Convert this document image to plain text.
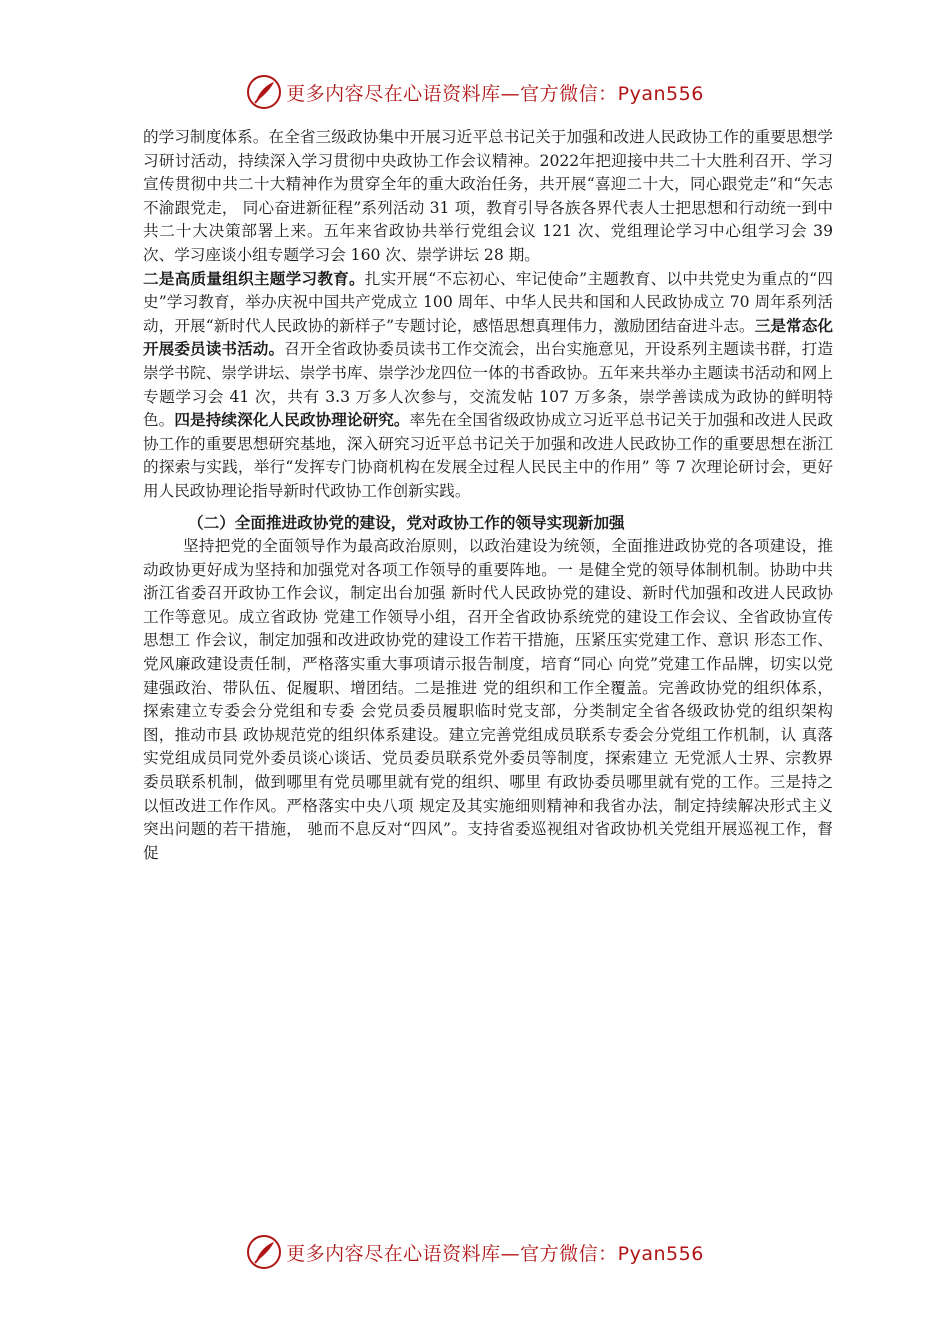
更多内容尽在心语资料库—官方微信：Pyan556

的学习制度体系。在全省三级政协集中开展习近平总书记关于加强和改进人民政协工作的重要思想学习研讨活动，持续深入学习贯彻中央政协工作会议精神。2022年把迎接中共二十大胜利召开、学习宣传贯彻中共二十大精神作为贯穿全年的重大政治任务，共开展“喜迎二十大，同心跟党走”和“矢志不渝跟党走， 同心奋进新征程”系列活动 31 项，教育引导各族各界代表人士把思想和行动统一到中共二十大决策部署上来。五年来省政协共举行党组会议 121 次、党组理论学习中心组学习会 39 次、学习座谈小组专题学习会 160 次、崇学讲坛 28 期。
二是高质量组织主题学习教育。扎实开展“不忘初心、牢记使命”主题教育、以中共党史为重点的“四史”学习教育，举办庆祝中国共产党成立 100 周年、中华人民共和国和人民政协成立 70 周年系列活动，开展“新时代人民政协的新样子”专题讨论，感悟思想真理伟力，激励团结奋进斗志。三是常态化开展委员读书活动。召开全省政协委员读书工作交流会，出台实施意见，开设系列主题读书群，打造崇学书院、崇学讲坛、崇学书库、崇学沙龙四位一体的书香政协。五年来共举办主题读书活动和网上专题学习会 41 次，共有 3.3 万多人次参与，交流发帖 107 万多条，崇学善读成为政协的鲜明特色。四是持续深化人民政协理论研究。率先在全国省级政协成立习近平总书记关于加强和改进人民政协工作的重要思想研究基地，深入研究习近平总书记关于加强和改进人民政协工作的重要思想在浙江的探索与实践，举行“发挥专门协商机构在发展全过程人民民主中的作用” 等 7 次理论研讨会，更好用人民政协理论指导新时代政协工作创新实践。

（二）全面推进政协党的建设，党对政协工作的领导实现新加强

坚持把党的全面领导作为最高政治原则，以政治建设为统领，全面推进政协党的各项建设，推动政协更好成为坚持和加强党对各项工作领导的重要阵地。一 是健全党的领导体制机制。协助中共浙江省委召开政协工作会议，制定出台加强 新时代人民政协党的建设、新时代加强和改进人民政协工作等意见。成立省政协 党建工作领导小组，召开全省政协系统党的建设工作会议、全省政协宣传思想工 作会议，制定加强和改进政协党的建设工作若干措施，压紧压实党建工作、意识 形态工作、党风廉政建设责任制，严格落实重大事项请示报告制度，培育“同心 向党”党建工作品牌，切实以党建强政治、带队伍、促履职、增团结。二是推进 党的组织和工作全覆盖。完善政协党的组织体系，探索建立专委会分党组和专委 会党员委员履职临时党支部，分类制定全省各级政协党的组织架构图，推动市县 政协规范党的组织体系建设。建立完善党组成员联系专委会分党组工作机制，认 真落实党组成员同党外委员谈心谈话、党员委员联系党外委员等制度，探索建立 无党派人士界、宗教界委员联系机制，做到哪里有党员哪里就有党的组织、哪里 有政协委员哪里就有党的工作。三是持之以恒改进工作作风。严格落实中央八项 规定及其实施细则精神和我省办法，制定持续解决形式主义突出问题的若干措施， 驰而不息反对“四风”。支持省委巡视组对省政协机关党组开展巡视工作，督促

更多内容尽在心语资料库—官方微信：Pyan556
